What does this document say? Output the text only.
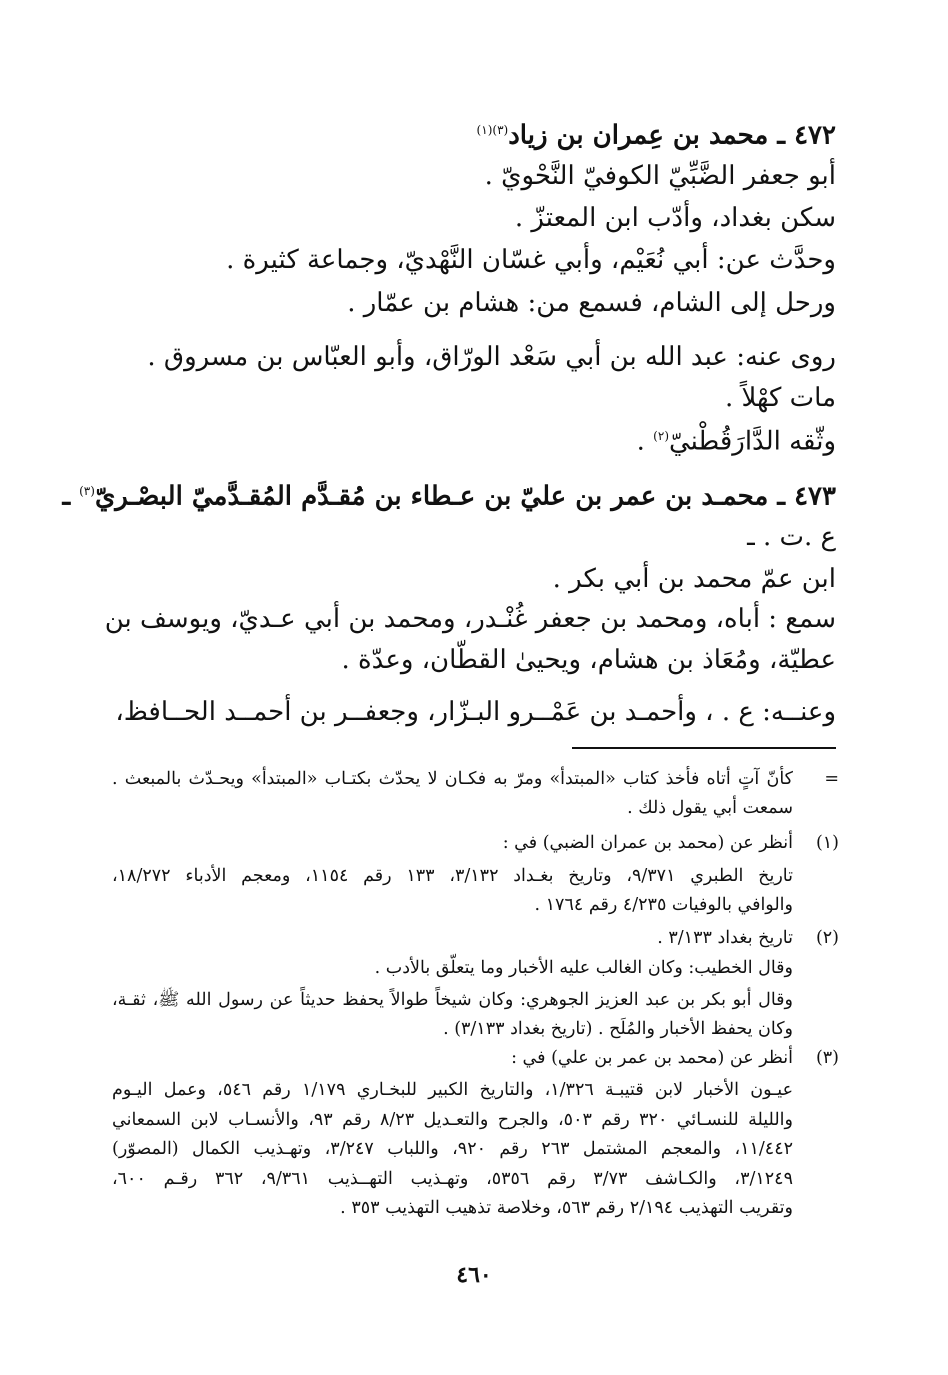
٤٧٢ ـ محمد بن عِمران بن زياد$^{(٣)(١)}$
أبو جعفر الضَّبِّيّ الكوفيّ النَّحْويّ .
سكن بغداد، وأدّب ابن المعتزّ .
وحدَّث عن: أبي نُعَيْم، وأبي غسّان النَّهْديّ، وجماعة كثيرة .
ورحل إلى الشام، فسمع من: هشام بن عمّار .
روى عنه: عبد الله بن أبي سَعْد الورّاق، وأبو العبّاس بن مسروق .
مات كهْلاً .
وثّقه الدَّارَقُطْنيّ$^{(٢)}$ .
٤٧٣ ـ محمـد بن عمر بن عليّ بن عـطاء بن مُقـدَّم المُقـدَّميّ البصْـريّ$^{(٣)}$ ـ
ع .ت . ـ
ابن عمّ محمد بن أبي بكر .
سمع : أباه، ومحمد بن جعفر غُنْـدر، ومحمد بن أبي عـديّ، ويوسف بن
عطيّة، ومُعَاذ بن هشام، ويحيىٰ القطّان، وعدّة .
وعنــه: ع . ، وأحمـد بن عَمْــرو البـزّار، وجعفــر بن أحمــد الحــافظ،
=
كأنّ آتٍ أتاه فأخذ كتاب «المبتدأ» ومرّ به فكـان لا يحدّث بكتـاب «المبتدأ» ويحـدّث بالمبعث .
سمعت أبي يقول ذلك .
(١)
أنظر عن (محمد بن عمران الضبي) في :
تاريخ الطبري ٩/٣٧١، وتاريخ بغـداد ٣/١٣٢، ١٣٣ رقم ١١٥٤، ومعجم الأدباء ١٨/٢٧٢،
والوافي بالوفيات ٤/٢٣٥ رقم ١٧٦٤ .
(٢)
تاريخ بغداد ٣/١٣٣ .
وقال الخطيب: وكان الغالب عليه الأخبار وما يتعلّق بالأدب .
وقال أبو بكر بن عبد العزيز الجوهري: وكان شيخاً طوالاً يحفظ حديثاً عن رسول الله ﷺ، ثقـة،
وكان يحفظ الأخبار والمُلَح . (تاريخ بغداد ٣/١٣٣) .
(٣)
أنظر عن (محمد بن عمر بن علي) في :
عيـون الأخبار لابن قتيبـة ١/٣٢٦، والتاريخ الكبير للبخـاري ١/١٧٩ رقم ٥٤٦، وعمل اليـوم
والليلة للنسـائي ٣٢٠ رقم ٥٠٣، والجرح والتعـديل ٨/٢٣ رقم ٩٣، والأنسـاب لابن السمعاني
١١/٤٤٢، والمعجم المشتمل ٢٦٣ رقم ٩٢٠، واللباب ٣/٢٤٧، وتهـذيب الكمال (المصوّر)
٣/١٢٤٩، والكـاشف ٣/٧٣ رقم ٥٣٥٦، وتهـذيب التهــذيب ٩/٣٦١، ٣٦٢ رقـم ٦٠٠،
وتقريب التهذيب ٢/١٩٤ رقم ٥٦٣، وخلاصة تذهيب التهذيب ٣٥٣ .
٤٦٠
